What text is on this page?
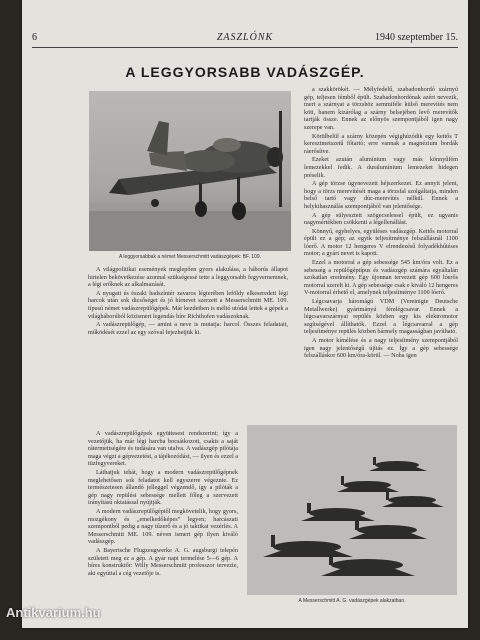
6	ZASZLÓNK	1940 szeptember 15.
A LEGGYORSABB VADÁSZGÉP.
A leggyorsabbak a német Messerschmitt vadászgépek: BF. 109.

a szakkörökét. — Mélyfedelű, szabadonhordó szárnyú gép, teljesen fémből épült. Szabadonhordónak azért nevezik, mert a szárnyat a törzshöz semmiféle külső merevítés nem köti, hanem kizárólag a szárny belsejében levő merevítők tartják össze. Ennek az előnyös szempontjából igen nagy szerepe van.

Körülbelül a szárny közepén végighúzódik egy kettős T keresztmetszetű főtartó; erre vannak a magnézium bordák ráerősítve.

Ezeket azután alumínium vagy más könnyűfém lemezekkel fedik. A duralumínium lemezeket hidegen préselik.

A gép törzse úgynevezett héjszerkezet. Ez annyit jelent, hogy a törzs merevítését maga a törzsfal szolgáltatja, minden belső tartó vagy dúc-merevítés nélkül. Ennek a helykihasználás szempontjából van jelentősége.

A gép sülyesztett szögecselessel épült, ez ugyanis nagymértékben csökkenti a légellenállást.

Könnyű, egyhelyes, együléses vadászgép. Kettős motorral épült ez a gép; az egyik teljesítménye felszállásnál 1100 lóerő. A motor 12 hengeres V elrendezésű folyadékhűtéses motor; a gyárt nevet is kapott.

Ezzel a motorral a gép sebessége 545 km/óra volt. Ez a sebesség a repülőgéptípus és vadászgép számára egyáltalán szokatlan eredmény. Egy újonnan tervezett gép 600 lóerős motorral szerelt ki. A gép sebessége csak e kiváló 12 hengeres V-motorral érhető el, amelynek teljesítménye 1100 lóerő.

Légcsavarja háromágú VDM (Vereinigte Deutsche Metallwerke) gyártmányú fémlégcsavar. Ennek a légcsavarszárnyai repülés közben egy kis elektromotor segítségével állíthatók. Ezzel a légcsavarral a gép teljesítménye repülés közben bármely magasságban javítható.

A motor kímélése és a nagy teljesítmény szempontjából igen nagy jelentőségű újítás ez. Így a gép sebessége felszálláskor 600 km/óra-körül. — Noha igen

A világpolitikai események meglepően gyors alakulása, a háborús állapot hirtelen bekövetkezése azonnal szükségessé tette a leggyorsabb fegyvernemnek, a légi erőknek az alkalmazását.

A nyugati és északi hadszíntér zavaros légterében leföldy elkeseredett légi harcok után sok dicsőséget és jó hírnevet szerzett a Messerschmitt ME. 109. típusú német vadászrepülőgépek. Már kezdetben is méltó utódai lettek a gépek a világháborúból közismert legendás híre Richthofen vadászoknak.

A vadászrepülőgép, — amint a neve is mutatja: harcol. Összes feladatait, működését ezzel az egy szóval fejezhetjük ki.

A vadászrepülőgépek együttesest rendszerint; így a vezetőjük, ha már légi harcba bocsátkozott, csakis a saját rátermettségére és tudására van utalva. A vadászgép pilótája maga végzi a gépvezetést, a tájékozódást, — ilyen és ezzel a tüzfegyvereket.

Láthatjuk tehát, hogy a modern vadászrepülőgépnek meglehetősen sok feladatot kell egyszerre végeznie. Ez természetesen állandó jelleggel végzendő, így a pilóták a gép nagy repülési sebessége mellett főleg a szervezett irányítású oktatással nyújtják.

A modern vadászrepülőgéptől megkövetelik, hogy gyors, mozgékony és „emelkedőképes” legyen; harcászati szempontból pedig a nagy tűzerő és a jó taktikai vezérlés. A Messerschmitt ME. 109. néven ismert gép ilyen kiváló vadászgép.

A Bayerische Flugzeugwerke A. G. augsburgi telepén született meg ez a gép. A gyár napi termelése 5—6 gép. A híres konstruktőr: Willy Messerschmitt professzor tervezte, aki egyúttal a cég vezetője is.

A Messerschmitt A. G. vadászgépek alakzatban.
Antikvarium.hu
